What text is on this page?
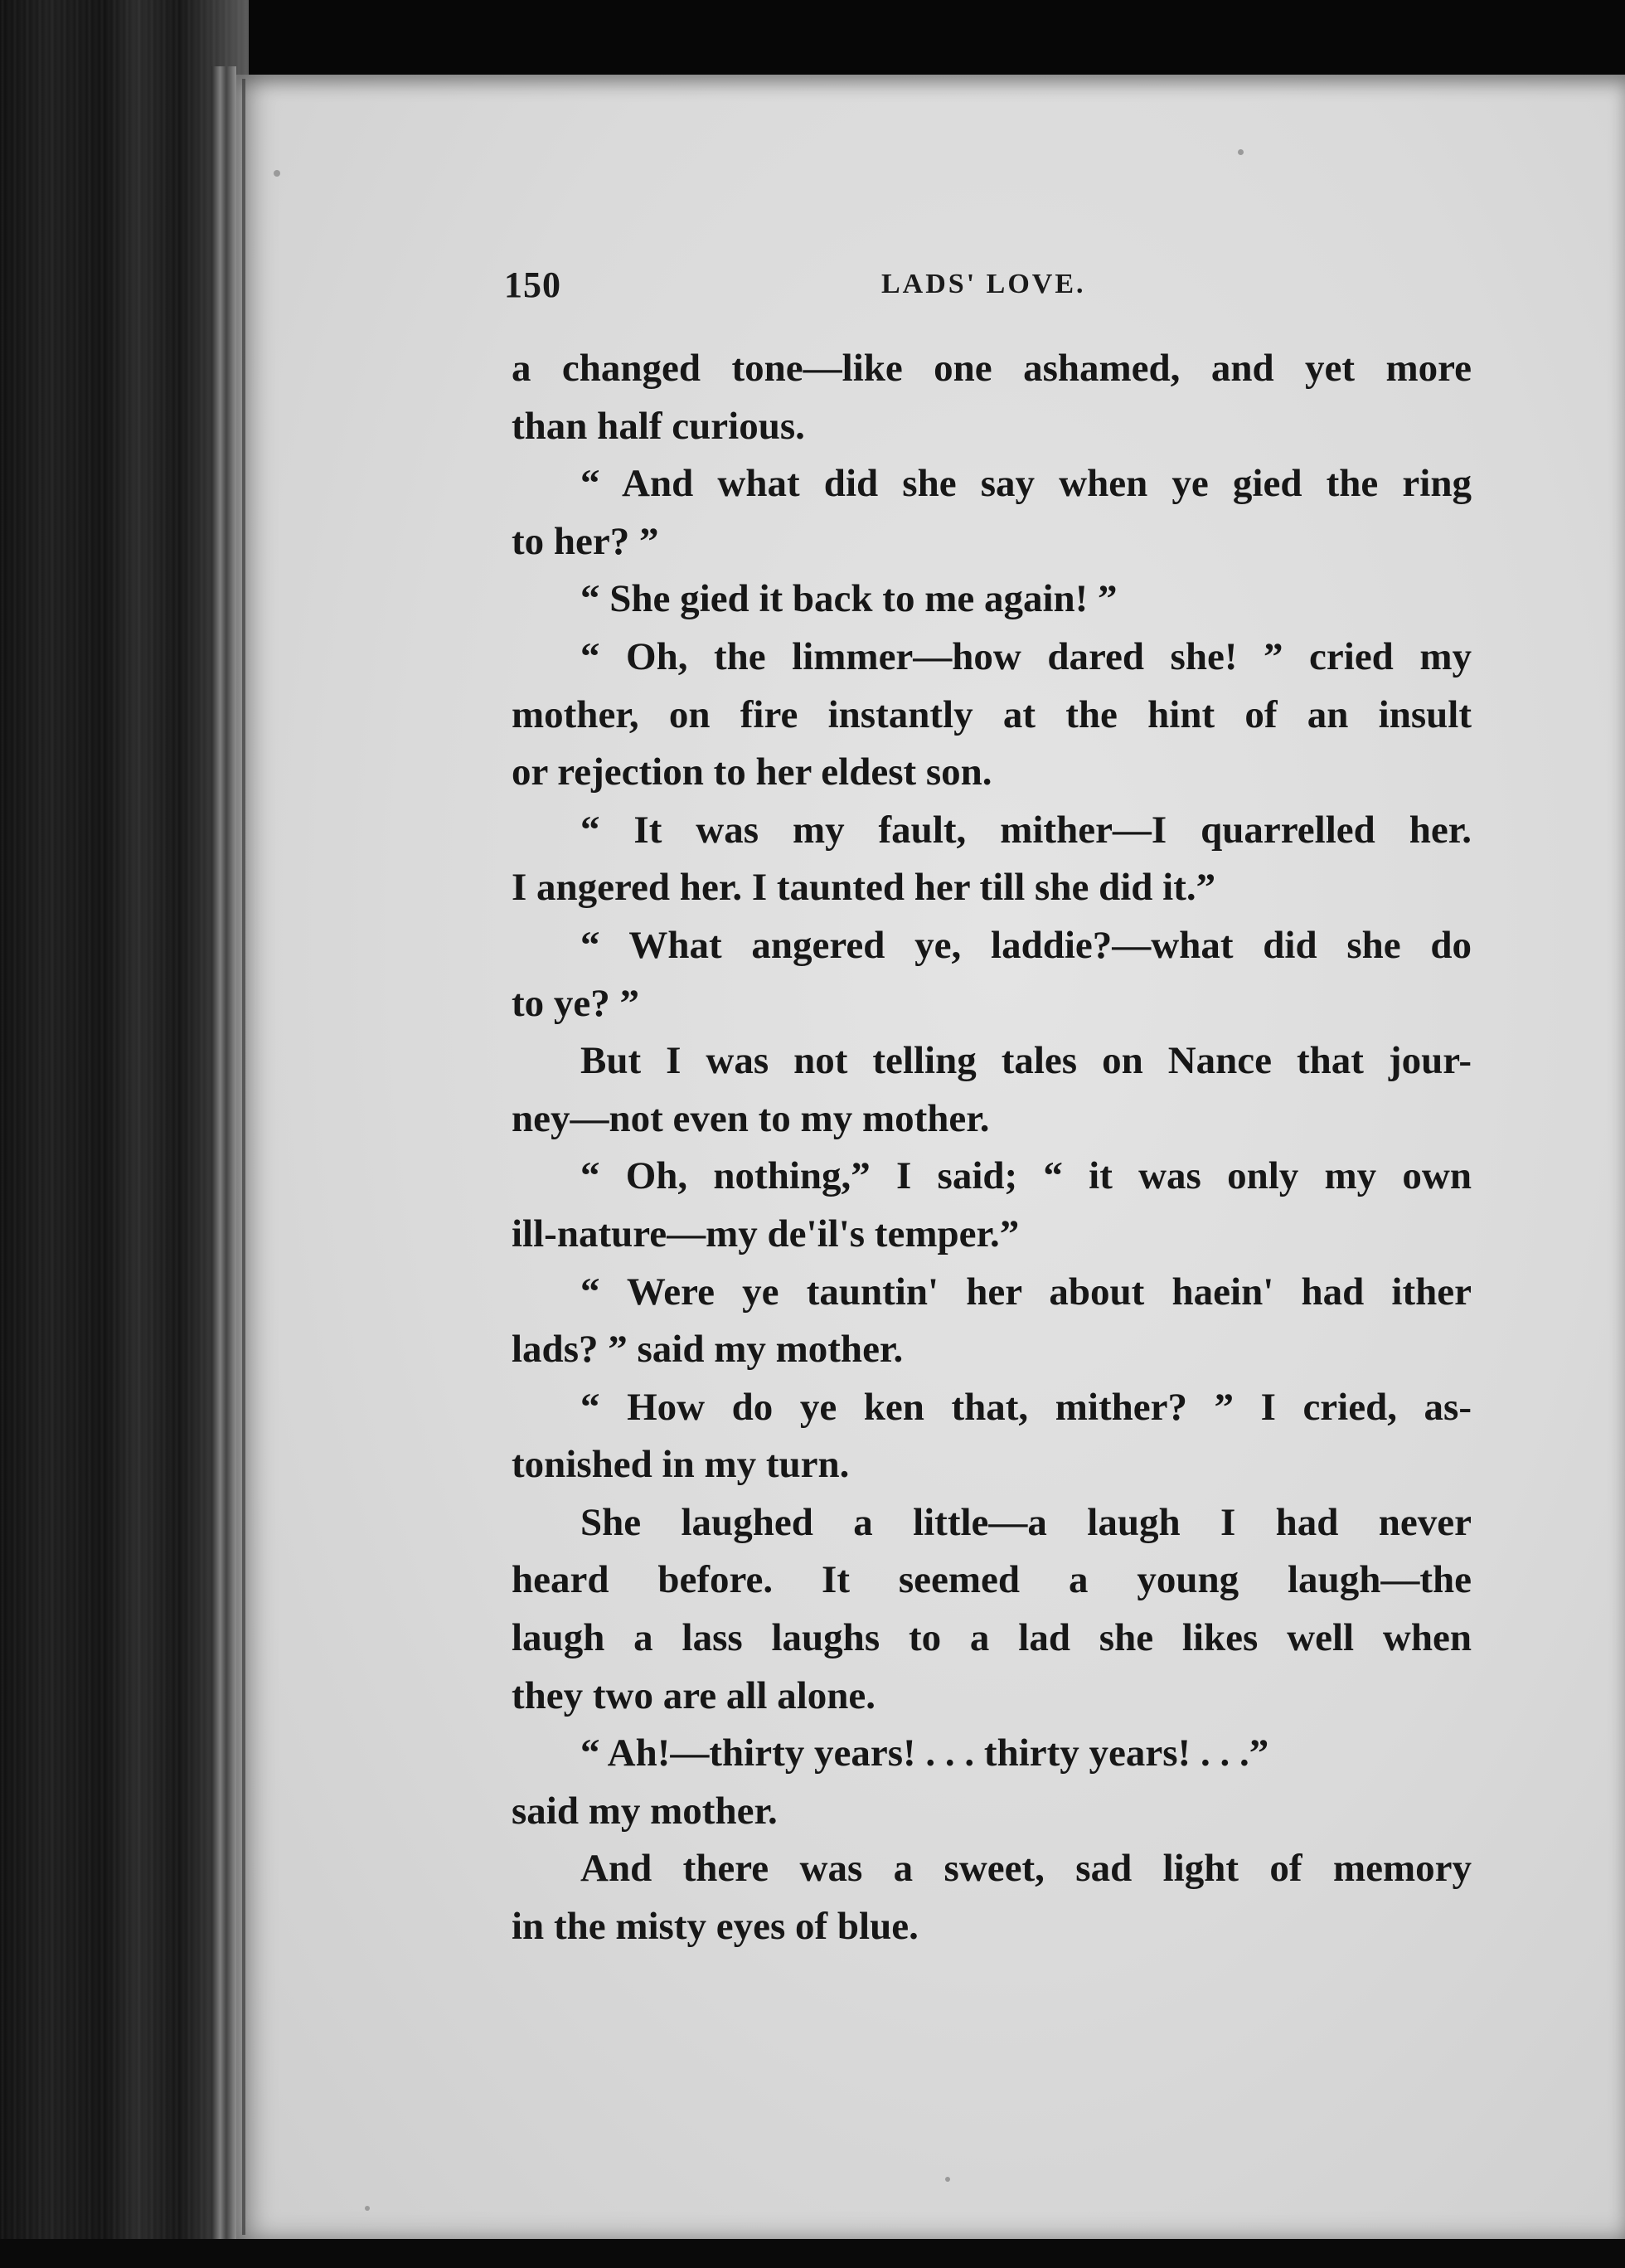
150	LADS' LOVE.
a changed tone—like one ashamed, and yet more
than half curious.
“ And what did she say when ye gied the ring
to her? ”
“ She gied it back to me again! ”
“ Oh, the limmer—how dared she! ” cried my
mother, on fire instantly at the hint of an insult
or rejection to her eldest son.
“ It was my fault, mither—I quarrelled her.
I angered her. I taunted her till she did it.”
“ What angered ye, laddie?—what did she do
to ye? ”
But I was not telling tales on Nance that jour-
ney—not even to my mother.
“ Oh, nothing,” I said; “ it was only my own
ill-nature—my de'il's temper.”
“ Were ye tauntin' her about haein' had ither
lads? ” said my mother.
“ How do ye ken that, mither? ” I cried, as-
tonished in my turn.
She laughed a little—a laugh I had never
heard before. It seemed a young laugh—the
laugh a lass laughs to a lad she likes well when
they two are all alone.
“ Ah!—thirty years! . . . thirty years! . . .”
said my mother.
And there was a sweet, sad light of memory
in the misty eyes of blue.
